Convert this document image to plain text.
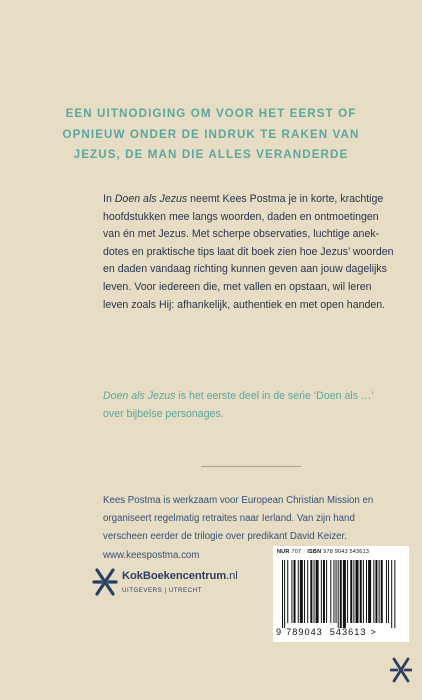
EEN UITNODIGING OM VOOR HET EERST OF
OPNIEUW ONDER DE INDRUK TE RAKEN VAN
JEZUS, DE MAN DIE ALLES VERANDERDE
In Doen als Jezus neemt Kees Postma je in korte, krachtige
hoofdstukken mee langs woorden, daden en ontmoetingen
van én met Jezus. Met scherpe observaties, luchtige anek-
dotes en praktische tips laat dit boek zien hoe Jezus’ woorden
en daden vandaag richting kunnen geven aan jouw dagelijks
leven. Voor iedereen die, met vallen en opstaan, wil leren
leven zoals Hij: afhankelijk, authentiek en met open handen.
Doen als Jezus is het eerste deel in de serie ‘Doen als …’
over bijbelse personages.
Kees Postma is werkzaam voor European Christian Mission en
organiseert regelmatig retraites naar Ierland. Van zijn hand
verscheen eerder de trilogie over predikant David Keizer.
www.keespostma.com
KokBoekencentrum.nl
UITGEVERS | UTRECHT
NUR 707 ISBN 978 9043 543613
9 789043 543613 >
